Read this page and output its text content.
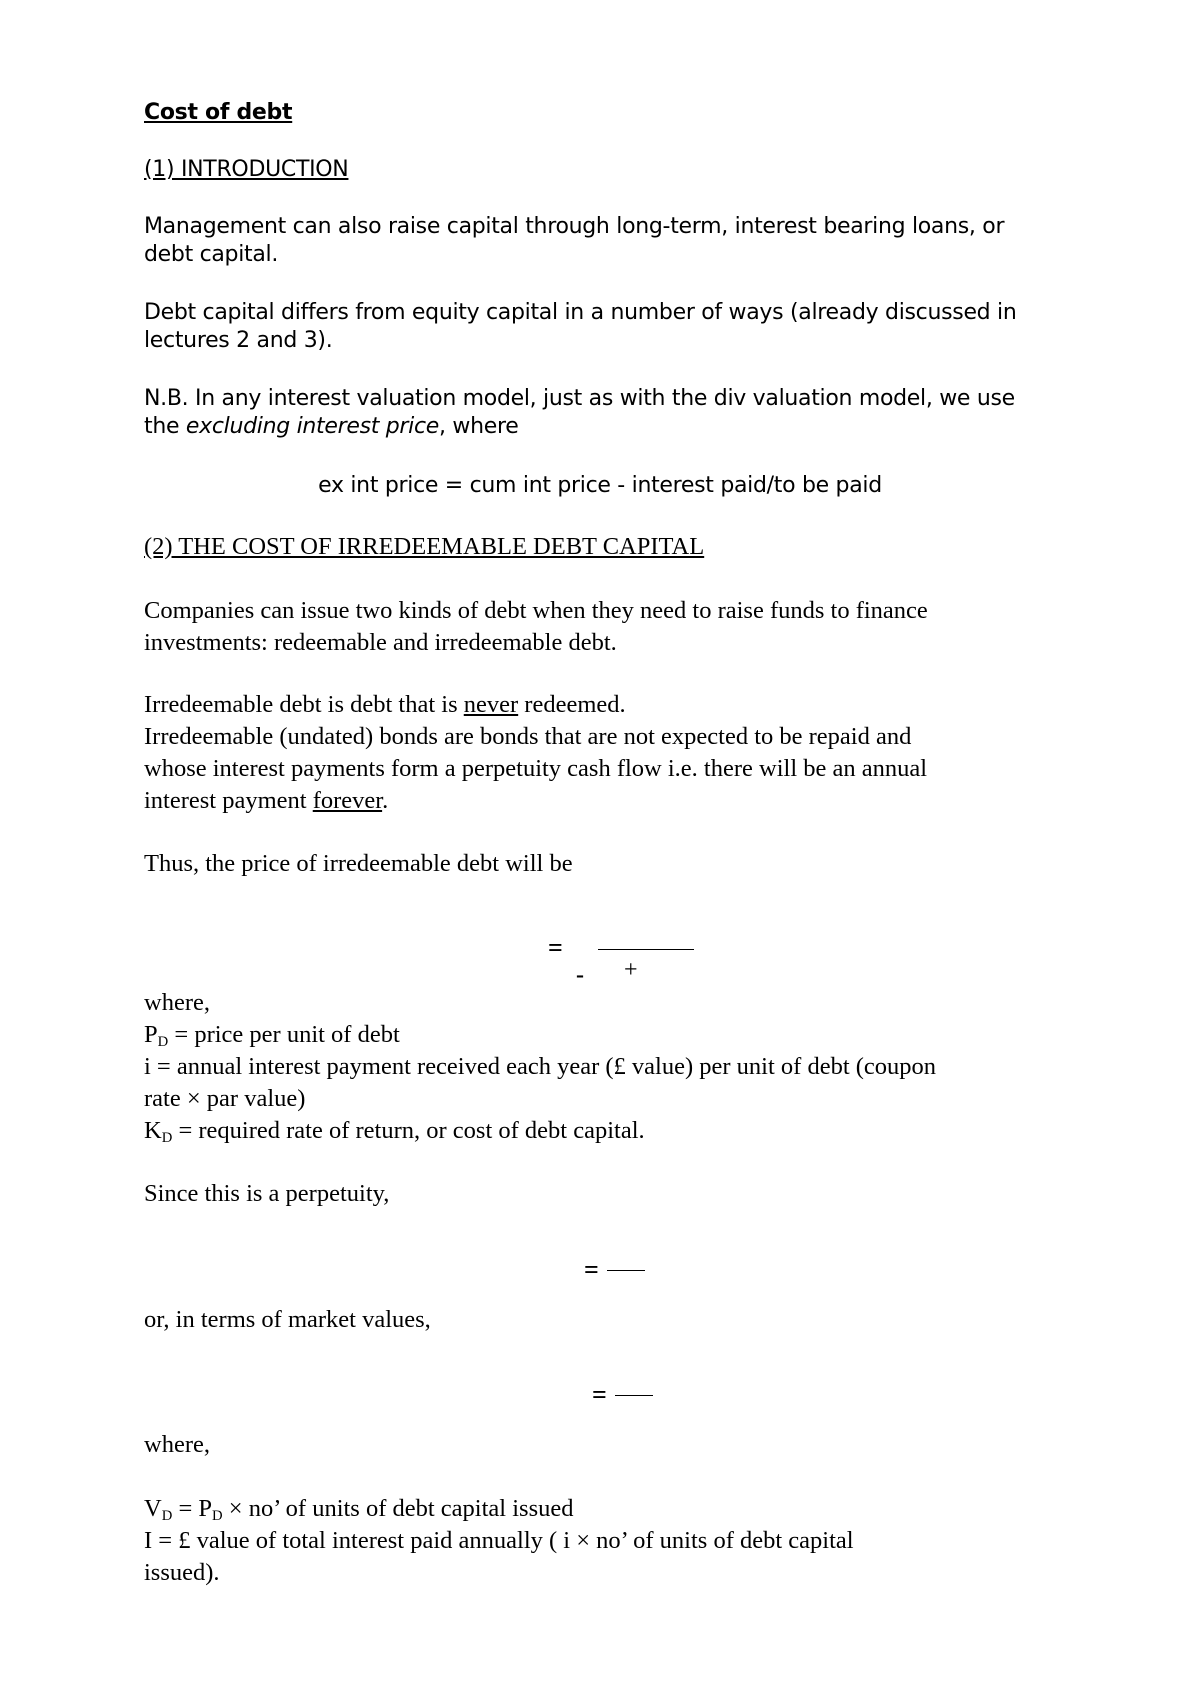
Cost of debt

(1) INTRODUCTION

Management can also raise capital through long-term, interest bearing loans, or

debt capital.

Debt capital differs from equity capital in a number of ways (already discussed in

lectures 2 and 3).

N.B. In any interest valuation model, just as with the div valuation model, we use

the excluding interest price, where

ex int price = cum int price - interest paid/to be paid

(2) THE COST OF IRREDEEMABLE DEBT CAPITAL

Companies can issue two kinds of debt when they need to raise funds to finance

investments: redeemable and irredeemable debt.

Irredeemable debt is debt that is never redeemed.

Irredeemable (undated) bonds are bonds that are not expected to be repaid and

whose interest payments form a perpetuity cash flow i.e. there will be an annual

interest payment forever.

Thus, the price of irredeemable debt will be

=
- +

where,

$P_D$ = price per unit of debt

i = annual interest payment received each year (£ value) per unit of debt (coupon

rate × par value)

$K_D$ = required rate of return, or cost of debt capital.

Since this is a perpetuity,

=

or, in terms of market values,

=

where,

$V_D = P_D$ × no’ of units of debt capital issued

I = £ value of total interest paid annually ( i × no’ of units of debt capital

issued).
